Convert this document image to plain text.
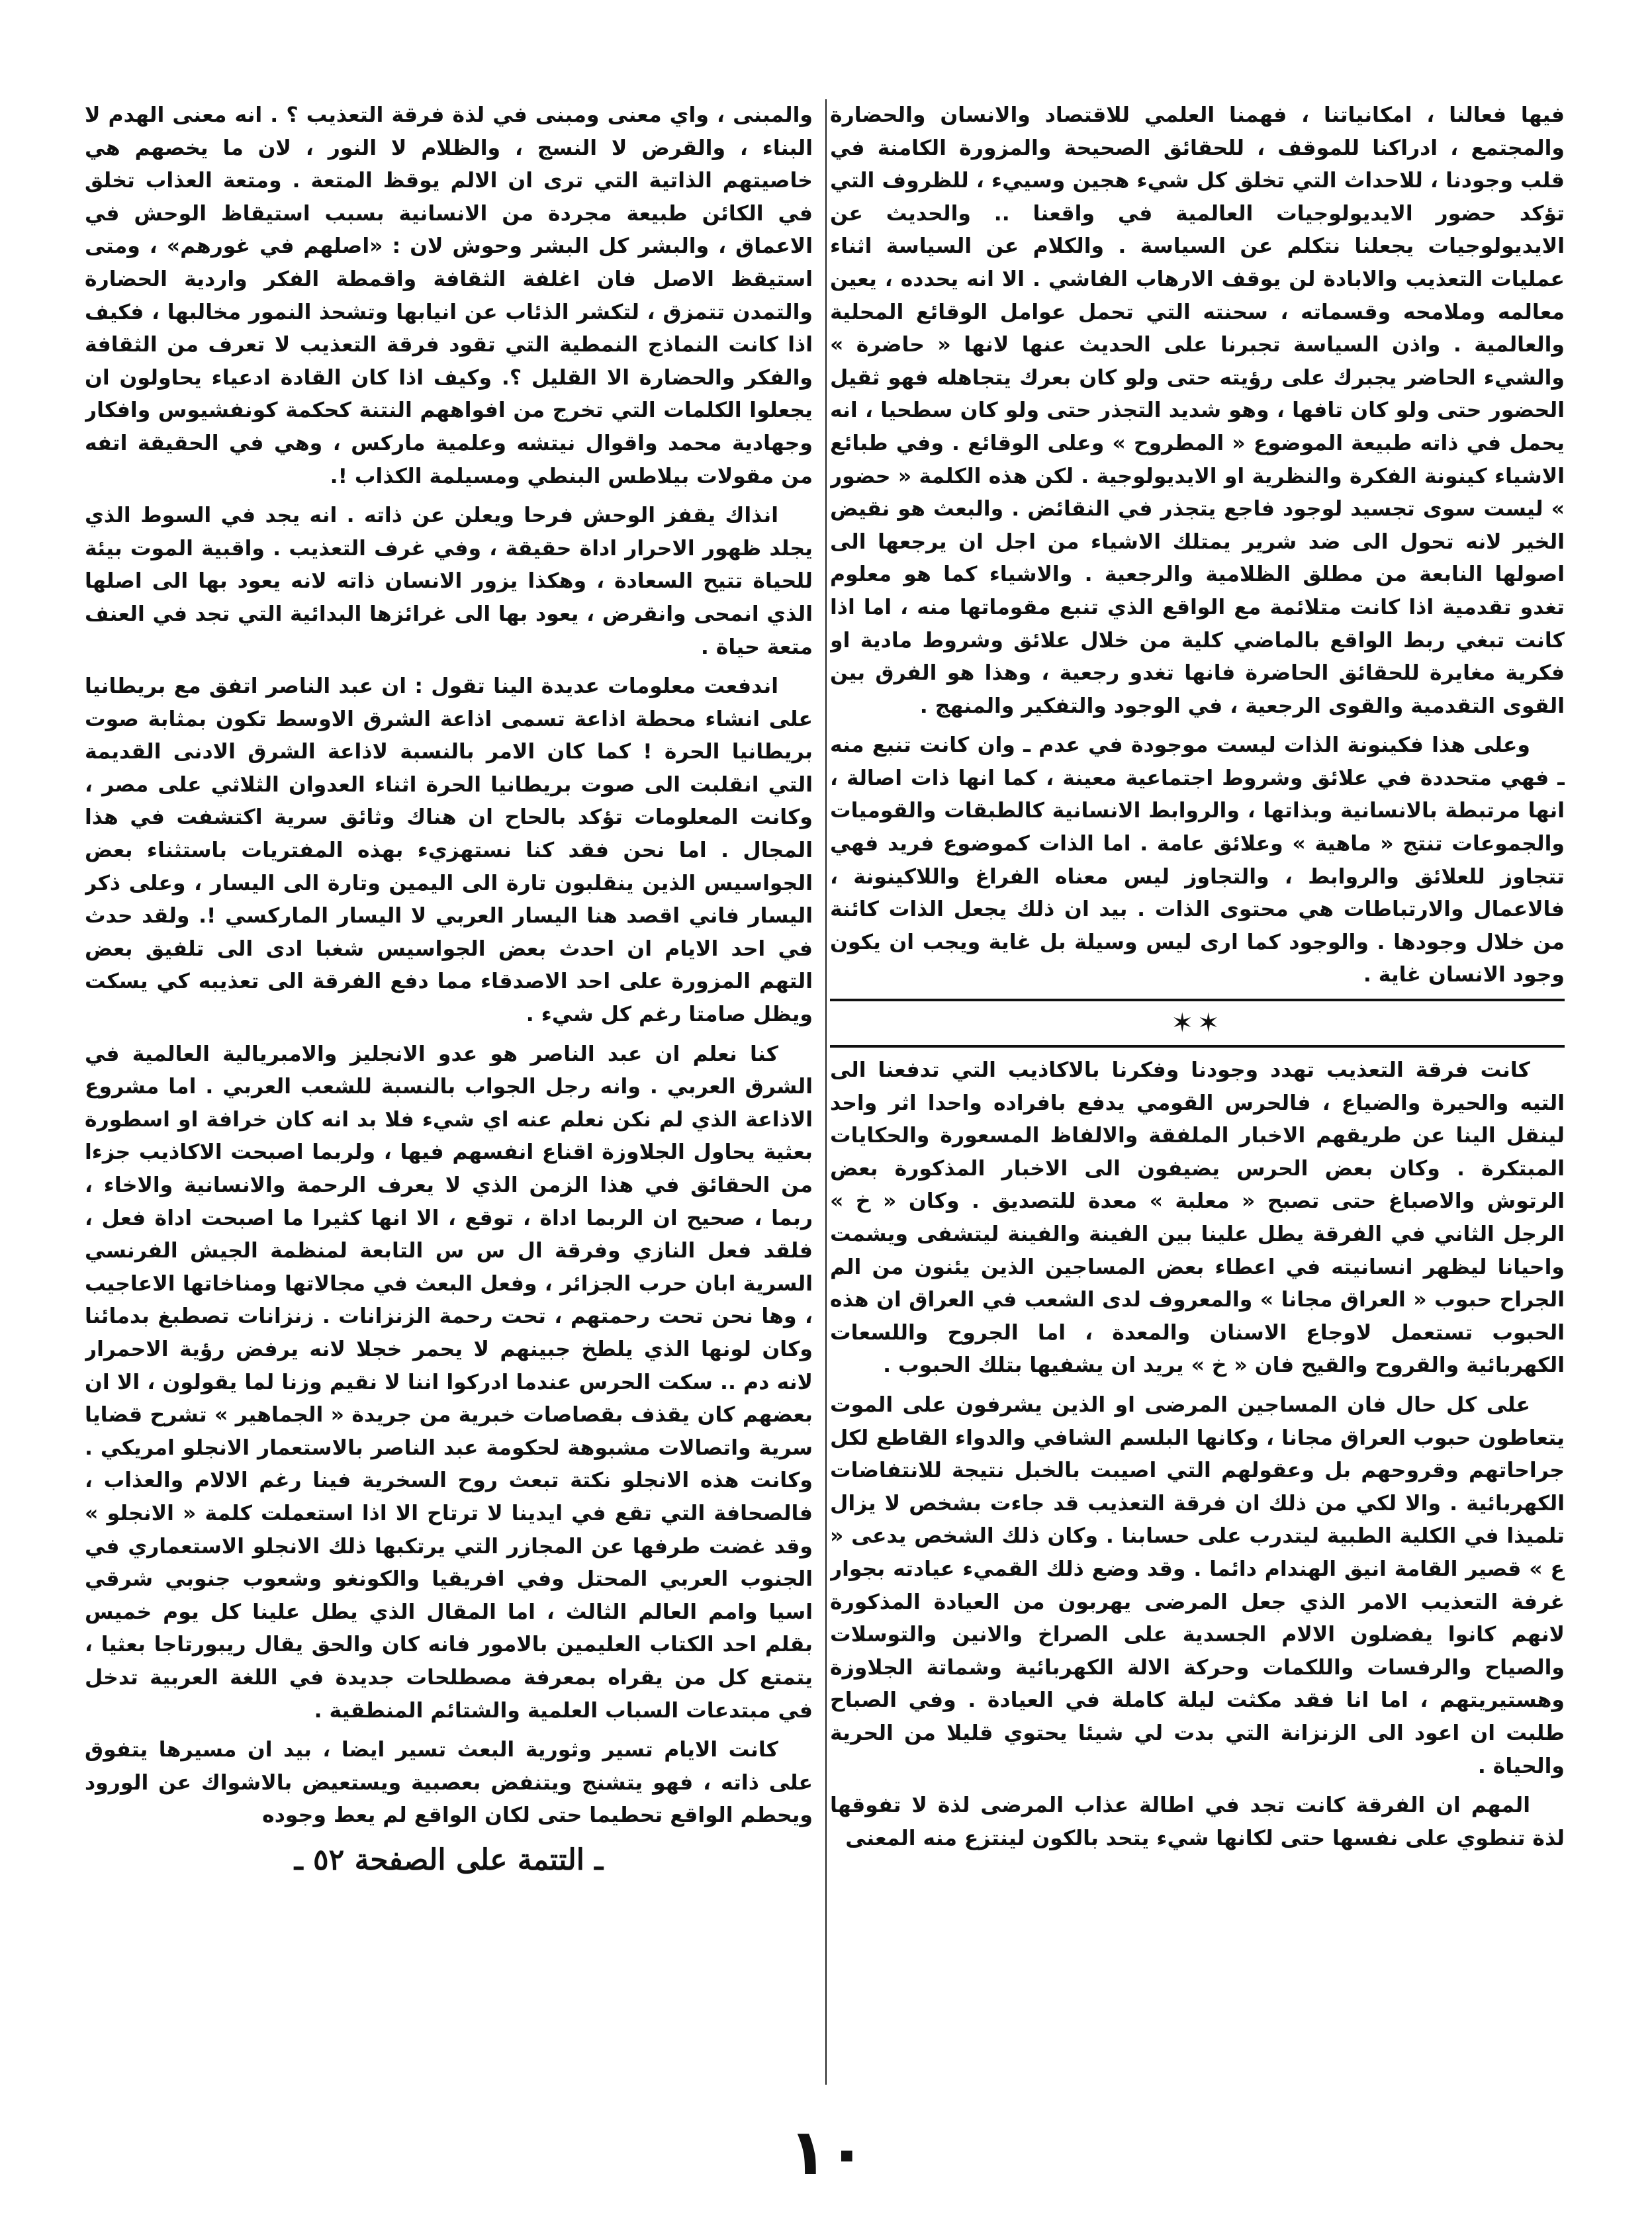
فيها فعالنا ، امكانياتنا ، فهمنا العلمي للاقتصاد والانسان والحضارة والمجتمع ، ادراكنا للموقف ، للحقائق الصحيحة والمزورة الكامنة في قلب وجودنا ، للاحداث التي تخلق كل شيء هجين وسييء ، للظروف التي تؤكد حضور الايديولوجيات العالمية في واقعنا .. والحديث عن الايديولوجيات يجعلنا نتكلم عن السياسة . والكلام عن السياسة اثناء عمليات التعذيب والابادة لن يوقف الارهاب الفاشي . الا انه يحدده ، يعين معالمه وملامحه وقسماته ، سحنته التي تحمل عوامل الوقائع المحلية والعالمية . واذن السياسة تجبرنا على الحديث عنها لانها « حاضرة » والشيء الحاضر يجبرك على رؤيته حتى ولو كان بعرك يتجاهله فهو ثقيل الحضور حتى ولو كان تافها ، وهو شديد التجذر حتى ولو كان سطحيا ، انه يحمل في ذاته طبيعة الموضوع « المطروح » وعلى الوقائع . وفي طبائع الاشياء كينونة الفكرة والنظرية او الايديولوجية . لكن هذه الكلمة « حضور » ليست سوى تجسيد لوجود فاجع يتجذر في النقائض . والبعث هو نقيض الخير لانه تحول الى ضد شرير يمتلك الاشياء من اجل ان يرجعها الى اصولها النابعة من مطلق الظلامية والرجعية . والاشياء كما هو معلوم تغدو تقدمية اذا كانت متلائمة مع الواقع الذي تنبع مقوماتها منه ، اما اذا كانت تبغي ربط الواقع بالماضي كلية من خلال علائق وشروط مادية او فكرية مغايرة للحقائق الحاضرة فانها تغدو رجعية ، وهذا هو الفرق بين القوى التقدمية والقوى الرجعية ، في الوجود والتفكير والمنهج .

وعلى هذا فكينونة الذات ليست موجودة في عدم ـ وان كانت تنبع منه ـ فهي متحددة في علائق وشروط اجتماعية معينة ، كما انها ذات اصالة ، انها مرتبطة بالانسانية وبذاتها ، والروابط الانسانية كالطبقات والقوميات والجموعات تنتج « ماهية » وعلائق عامة . اما الذات كموضوع فريد فهي تتجاوز للعلائق والروابط ، والتجاوز ليس معناه الفراغ واللاكينونة ، فالاعمال والارتباطات هي محتوى الذات . بيد ان ذلك يجعل الذات كائنة من خلال وجودها . والوجود كما ارى ليس وسيلة بل غاية ويجب ان يكون وجود الانسان غاية .

✶✶

كانت فرقة التعذيب تهدد وجودنا وفكرنا بالاكاذيب التي تدفعنا الى التيه والحيرة والضياع ، فالحرس القومي يدفع بافراده واحدا اثر واحد لينقل الينا عن طريقهم الاخبار الملفقة والالفاظ المسعورة والحكايات المبتكرة . وكان بعض الحرس يضيفون الى الاخبار المذكورة بعض الرتوش والاصباغ حتى تصبح « معلبة » معدة للتصديق . وكان « خ » الرجل الثاني في الفرقة يطل علينا بين الفينة والفينة ليتشفى ويشمت واحيانا ليظهر انسانيته في اعطاء بعض المساجين الذين يئنون من الم الجراح حبوب « العراق مجانا » والمعروف لدى الشعب في العراق ان هذه الحبوب تستعمل لاوجاع الاسنان والمعدة ، اما الجروح واللسعات الكهربائية والقروح والقيح فان « خ » يريد ان يشفيها بتلك الحبوب .

على كل حال فان المساجين المرضى او الذين يشرفون على الموت يتعاطون حبوب العراق مجانا ، وكانها البلسم الشافي والدواء القاطع لكل جراحاتهم وقروحهم بل وعقولهم التي اصيبت بالخبل نتيجة للانتفاضات الكهربائية . والا لكي من ذلك ان فرقة التعذيب قد جاءت بشخص لا يزال تلميذا في الكلية الطبية ليتدرب على حسابنا . وكان ذلك الشخص يدعى « ع » قصير القامة انيق الهندام دائما . وقد وضع ذلك القميء عيادته بجوار غرفة التعذيب الامر الذي جعل المرضى يهربون من العيادة المذكورة لانهم كانوا يفضلون الالام الجسدية على الصراخ والانين والتوسلات والصياح والرفسات واللكمات وحركة الالة الكهربائية وشماتة الجلاوزة وهستيريتهم ، اما انا فقد مكثت ليلة كاملة في العيادة . وفي الصباح طلبت ان اعود الى الزنزانة التي بدت لي شيئا يحتوي قليلا من الحرية والحياة .

المهم ان الفرقة كانت تجد في اطالة عذاب المرضى لذة لا تفوقها لذة تنطوي على نفسها حتى لكانها شيء يتحد بالكون لينتزع منه المعنى

والمبنى ، واي معنى ومبنى في لذة فرقة التعذيب ؟ . انه معنى الهدم لا البناء ، والقرض لا النسج ، والظلام لا النور ، لان ما يخصهم هي خاصيتهم الذاتية التي ترى ان الالم يوقظ المتعة . ومتعة العذاب تخلق في الكائن طبيعة مجردة من الانسانية بسبب استيقاظ الوحش في الاعماق ، والبشر كل البشر وحوش لان : «اصلهم في غورهم» ، ومتى استيقظ الاصل فان اغلفة الثقافة واقمطة الفكر واردية الحضارة والتمدن تتمزق ، لتكشر الذئاب عن انيابها وتشحذ النمور مخالبها ، فكيف اذا كانت النماذج النمطية التي تقود فرقة التعذيب لا تعرف من الثقافة والفكر والحضارة الا القليل ؟. وكيف اذا كان القادة ادعياء يحاولون ان يجعلوا الكلمات التي تخرج من افواههم النتنة كحكمة كونفشيوس وافكار وجهادية محمد واقوال نيتشه وعلمية ماركس ، وهي في الحقيقة اتفه من مقولات بيلاطس البنطي ومسيلمة الكذاب !.

انذاك يقفز الوحش فرحا ويعلن عن ذاته . انه يجد في السوط الذي يجلد ظهور الاحرار اداة حقيقة ، وفي غرف التعذيب . واقبية الموت بيئة للحياة تتيح السعادة ، وهكذا يزور الانسان ذاته لانه يعود بها الى اصلها الذي انمحى وانقرض ، يعود بها الى غرائزها البدائية التي تجد في العنف متعة حياة .

اندفعت معلومات عديدة الينا تقول : ان عبد الناصر اتفق مع بريطانيا على انشاء محطة اذاعة تسمى اذاعة الشرق الاوسط تكون بمثابة صوت بريطانيا الحرة ! كما كان الامر بالنسبة لاذاعة الشرق الادنى القديمة التي انقلبت الى صوت بريطانيا الحرة اثناء العدوان الثلاثي على مصر ، وكانت المعلومات تؤكد بالحاح ان هناك وثائق سرية اكتشفت في هذا المجال . اما نحن فقد كنا نستهزيء بهذه المفتريات باستثناء بعض الجواسيس الذين ينقلبون تارة الى اليمين وتارة الى اليسار ، وعلى ذكر اليسار فاني اقصد هنا اليسار العربي لا اليسار الماركسي !. ولقد حدث في احد الايام ان احدث بعض الجواسيس شغبا ادى الى تلفيق بعض التهم المزورة على احد الاصدقاء مما دفع الفرقة الى تعذيبه كي يسكت ويظل صامتا رغم كل شيء .

كنا نعلم ان عبد الناصر هو عدو الانجليز والامبريالية العالمية في الشرق العربي . وانه رجل الجواب بالنسبة للشعب العربي . اما مشروع الاذاعة الذي لم نكن نعلم عنه اي شيء فلا بد انه كان خرافة او اسطورة بعثية يحاول الجلاوزة اقناع انفسهم فيها ، ولربما اصبحت الاكاذيب جزءا من الحقائق في هذا الزمن الذي لا يعرف الرحمة والانسانية والاخاء ، ربما ، صحيح ان الربما اداة ، توقع ، الا انها كثيرا ما اصبحت اداة فعل ، فلقد فعل النازي وفرقة ال س س التابعة لمنظمة الجيش الفرنسي السرية ابان حرب الجزائر ، وفعل البعث في مجالاتها ومناخاتها الاعاجيب ، وها نحن تحت رحمتهم ، تحت رحمة الزنزانات . زنزانات تصطبغ بدمائنا وكان لونها الذي يلطخ جبينهم لا يحمر خجلا لانه يرفض رؤية الاحمرار لانه دم .. سكت الحرس عندما ادركوا اننا لا نقيم وزنا لما يقولون ، الا ان بعضهم كان يقذف بقصاصات خبرية من جريدة « الجماهير » تشرح قضايا سرية واتصالات مشبوهة لحكومة عبد الناصر بالاستعمار الانجلو امريكي . وكانت هذه الانجلو نكتة تبعث روح السخرية فينا رغم الالام والعذاب ، فالصحافة التي تقع في ايدينا لا ترتاح الا اذا استعملت كلمة « الانجلو » وقد غضت طرفها عن المجازر التي يرتكبها ذلك الانجلو الاستعماري في الجنوب العربي المحتل وفي افريقيا والكونغو وشعوب جنوبي شرقي اسيا وامم العالم الثالث ، اما المقال الذي يطل علينا كل يوم خميس بقلم احد الكتاب العليمين بالامور فانه كان والحق يقال ريبورتاجا بعثيا ، يتمتع كل من يقراه بمعرفة مصطلحات جديدة في اللغة العربية تدخل في مبتدعات السباب العلمية والشتائم المنطقية .

كانت الايام تسير وثورية البعث تسير ايضا ، بيد ان مسيرها يتفوق على ذاته ، فهو يتشنج ويتنفض بعصبية ويستعيض بالاشواك عن الورود ويحطم الواقع تحطيما حتى لكان الواقع لم يعط وجوده

ـ التتمة على الصفحة ٥٢ ـ
١٠
